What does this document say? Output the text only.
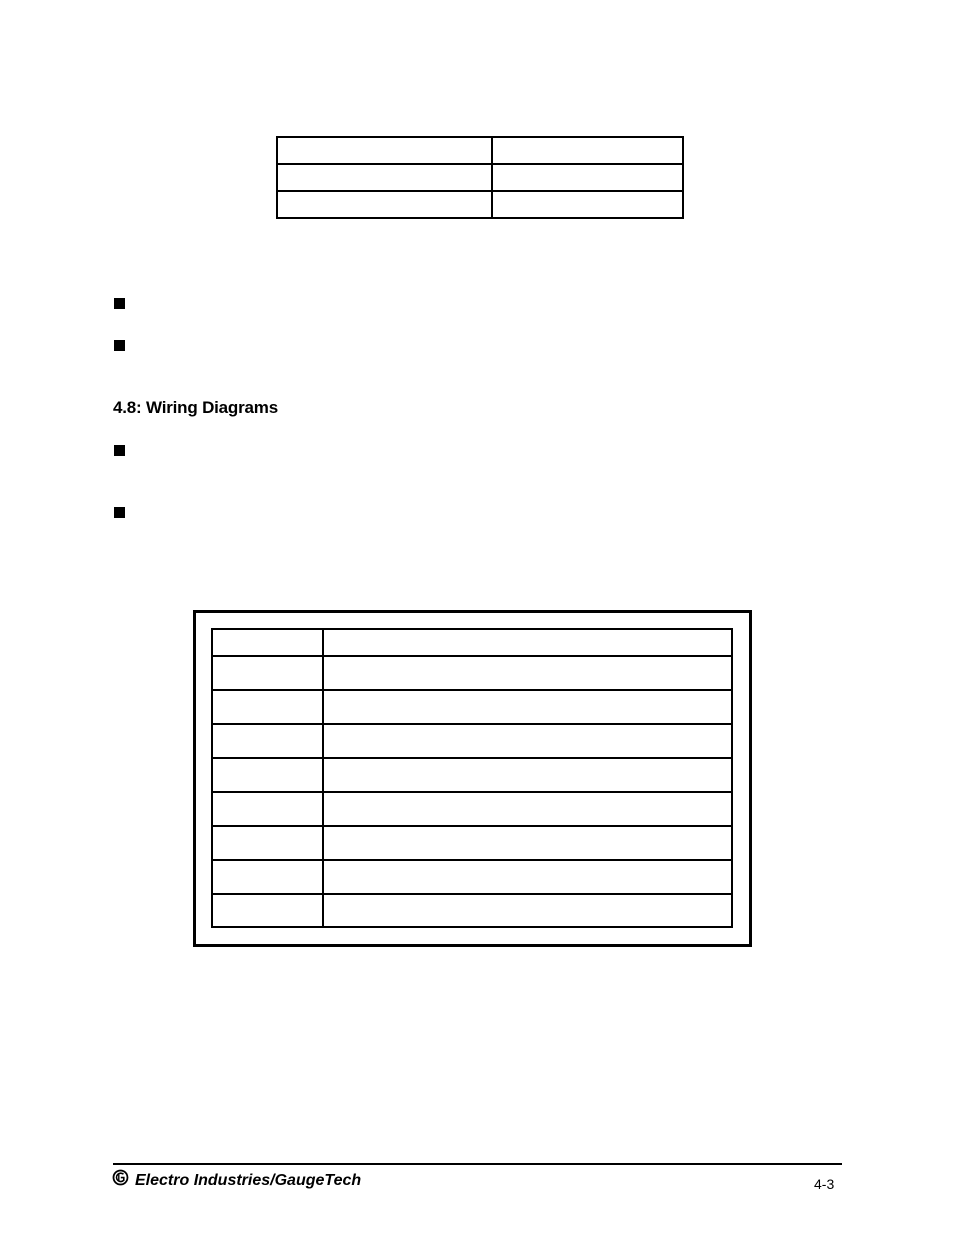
4.8: Wiring Diagrams

Electro Industries/GaugeTech	4-3
